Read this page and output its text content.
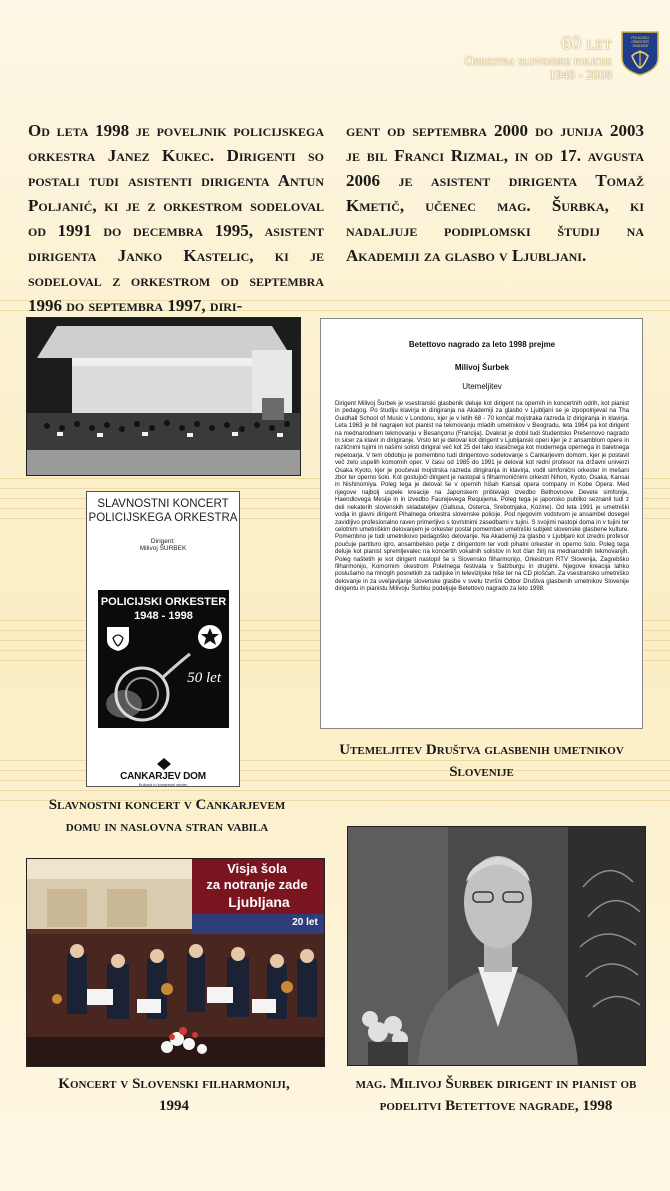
60 let
Orkestra slovenske policije
1948 - 2008
POLICIJSKI
ORKESTER
1948-2008
Od leta 1998 je poveljnik policijskega orkestra Janez Kukec. Dirigenti so postali tudi asistenti dirigenta Antun Poljanić, ki je z orkestrom sodeloval od 1991 do decembra 1995, asistent dirigenta Janko Kastelic, ki je sodeloval z orkestrom od septembra 1996 do septembra 1997, diri-
gent od septembra 2000 do junija 2003 je bil Franci Rizmal, in od 17. avgusta 2006 je asistent dirigenta Tomaž Kmetič, učenec mag. Šurbka, ki nadaljuje podiplomski študij na Akademiji za glasbo v Ljubljani.
SLAVNOSTNI KONCERT
POLICIJSKEGA ORKESTRA
Dirigent:
Milivoj ŠURBEK
POLICIJSKI ORKESTER
1948 - 1998
50 let
CANKARJEV DOM
Kulturni in kongresni center
Betettovo nagrado za leto 1998 prejme
Milivoj Šurbek
Utemeljitev
Dirigent Milivoj Šurbek je vsestranski glasbenik deluje kot dirigent na opernih in koncertnih odrih, kot pianist in pedagog. Po študiju klavirja in dirigiranja na Akademiji za glasbo v Ljubljani se je izpopolnjeval na Tha Guidhall School of Music v Londonu, kjer je v letih 68 - 70 končal mojstraka razreda iz dirigiranja in klavirja. Leta 1963 je bil nagrajen kot pianist na tekmovanju mladih umetnikov v Beogradu, leta 1964 pa kot dirigent na mednarodnem tekmovanju v Besançonu (Francija). Dvakrat je dobil tudi študentsko Prešernovo nagrado in sicer za klavir in dirigiranje. Vrsto let je deloval kot dirigent v Ljubljanski operi kjer je z ansamblom opere in različnimi tujimi in našimi solisti dirigiral več kot 25 del tako klasičnega kot modernega opernega in baletnega repetoarja. V tem obdobju je pomembno tudi dirigentovo sodelovanje s Cankarjevim domom, kjer je postavil več zelo uspelih komornih oper. V času od 1985 do 1991 je deloval kot redni profesor na državni univerzi Osaka Kyoto, kjer je poučeval mojstrska razreda dirigiranja in klavirja, vodil simfonični orkester in mešani zbor ter operno šolo. Kot gostujoči dirigent je nastopal s filharmoničnimi orkestri Nihon, Kyoto, Osaka, Kansai in Nishinomiya. Poleg tega je deloval še v opernih hišah Kansai opera company in Kobe Opera. Med njegove najbolj uspele kreacije na Japonskem prištevajo izvedbo Bethovnove Devete simfonije, Haendlovega Mesije in in izvedbo Faurejevega Requijema. Poleg tega je japonsko publiko seznanil tudi z deli nekaterih slovenskih skladateljev (Gallusa, Osterca, Srebotnjaka, Kozine). Od leta 1991 je umetniški vodja in glavni dirigent Pihalnega orkestra slovenske policije. Pod njegovim vodstvom je ansambel dosegel zavidljivo profesionalno raven primerljivo s tovrstnimi zasedbami v tujini. S svojimi nastopi doma in v tujini ter celotnim umetniškim delovanjem je orkester postal pomemben umetniški subjekt slovenske glasbene kulture. Pomembno je tudi umetnikovo pedagoško delovanje. Na Akademiji za glasbo v Ljubljani kot izredni profesor poučuje partituro igro, ansambelsko petje z dirigentom ter vodi pihalni orkester in operno šolo. Poleg tega deluje kot pianist spremljevalec na koncertih vokalnih solistov in kot član žirij na mednarodnih tekmovanjih. Poleg naštetih je kot dirigent nastopil še s Slovensko filharmonijo, Orkestrom RTV Slovenija, Zagrebško filharmonijo, Komornim okestrom Poletnega festivala v Salzburgu in drugimi. Njegove kreacija lahko poslušamo na mnogih posnetkih za radijske in televizijske hiše ter na CD ploščah. Za vsestransko umetniško delovanje in za uveljavljanje slovenske glasbe v svetu Izvršni Odbor Društva glasbenih umetnikov Slovenije dirigentu in pianistu Milivoju Šurbku podeljuje Betettovo nagrado za leto 1998.
Utemeljitev Društva glasbenih umetnikov Slovenije
Slavnostni koncert v Cankarjevem domu in naslovna stran vabila
Visja šola
za notranje zade
Ljubljana
20 let
Koncert v Slovenski filharmoniji, 1994
mag. Milivoj Šurbek dirigent in pianist ob podelitvi Betettove nagrade, 1998
